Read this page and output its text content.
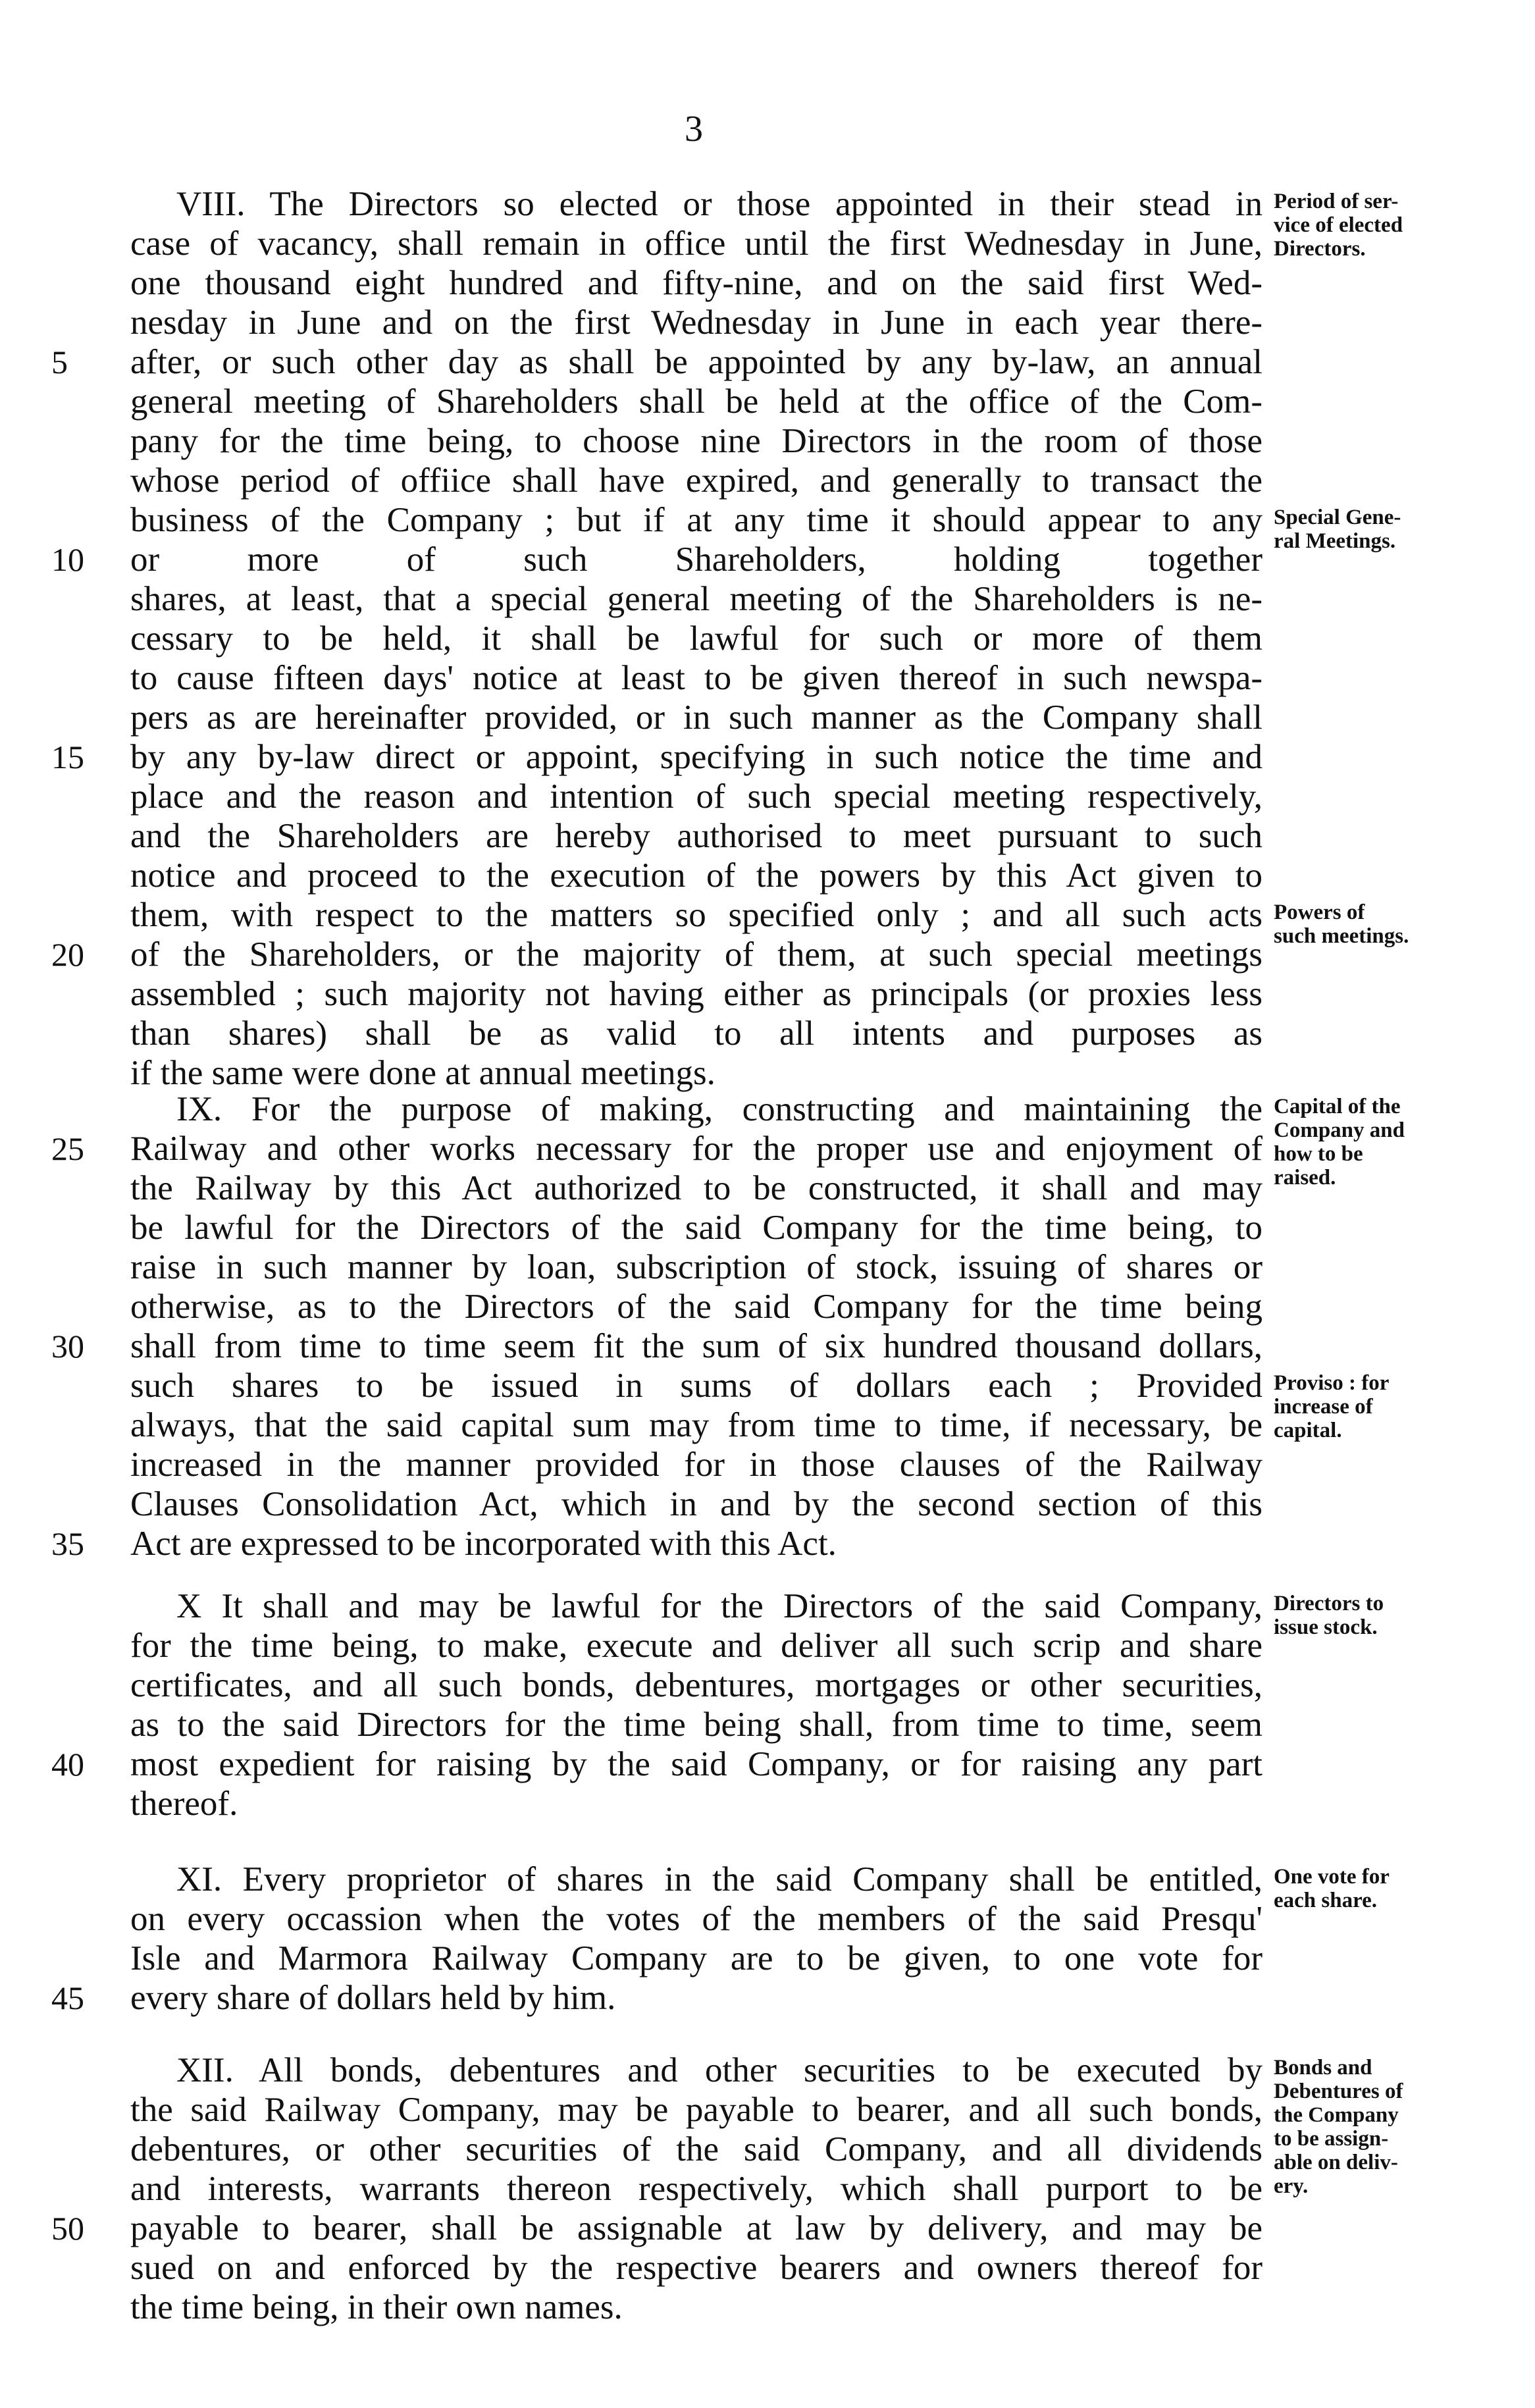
3
VIII. The Directors so elected or those appointed in their stead in
case of vacancy, shall remain in office until the first Wednesday in June,
one thousand eight hundred and fifty-nine, and on the said first Wed-
nesday in June and on the first Wednesday in June in each year there-
after, or such other day as shall be appointed by any by-law, an annual
general meeting of Shareholders shall be held at the office of the Com-
pany for the time being, to choose nine Directors in the room of those
whose period of offiice shall have expired, and generally to transact the
business of the Company ; but if at any time it should appear to any
or more of such Shareholders, holding together
shares, at least, that a special general meeting of the Shareholders is ne-
cessary to be held, it shall be lawful for such or more of them
to cause fifteen days' notice at least to be given thereof in such newspa-
pers as are hereinafter provided, or in such manner as the Company shall
by any by-law direct or appoint, specifying in such notice the time and
place and the reason and intention of such special meeting respectively,
and the Shareholders are hereby authorised to meet pursuant to such
notice and proceed to the execution of the powers by this Act given to
them, with respect to the matters so specified only ; and all such acts
of the Shareholders, or the majority of them, at such special meetings
assembled ; such majority not having either as principals (or proxies less
than shares) shall be as valid to all intents and purposes as
if the same were done at annual meetings.
5
10
15
20
Period of ser-
vice of elected
Directors.
Special Gene-
ral Meetings.
Powers of
such meetings.
IX. For the purpose of making, constructing and maintaining the
Railway and other works necessary for the proper use and enjoyment of
the Railway by this Act authorized to be constructed, it shall and may
be lawful for the Directors of the said Company for the time being, to
raise in such manner by loan, subscription of stock, issuing of shares or
otherwise, as to the Directors of the said Company for the time being
shall from time to time seem fit the sum of six hundred thousand dollars,
such shares to be issued in sums of dollars each ; Provided
always, that the said capital sum may from time to time, if necessary, be
increased in the manner provided for in those clauses of the Railway
Clauses Consolidation Act, which in and by the second section of this
Act are expressed to be incorporated with this Act.
25
30
35
Capital of the
Company and
how to be
raised.
Proviso : for
increase of
capital.
X It shall and may be lawful for the Directors of the said Company,
for the time being, to make, execute and deliver all such scrip and share
certificates, and all such bonds, debentures, mortgages or other securities,
as to the said Directors for the time being shall, from time to time, seem
most expedient for raising by the said Company, or for raising any part
thereof.
40
Directors to
issue stock.
XI. Every proprietor of shares in the said Company shall be entitled,
on every occassion when the votes of the members of the said Presqu'
Isle and Marmora Railway Company are to be given, to one vote for
every share of dollars held by him.
45
One vote for
each share.
XII. All bonds, debentures and other securities to be executed by
the said Railway Company, may be payable to bearer, and all such bonds,
debentures, or other securities of the said Company, and all dividends
and interests, warrants thereon respectively, which shall purport to be
payable to bearer, shall be assignable at law by delivery, and may be
sued on and enforced by the respective bearers and owners thereof for
the time being, in their own names.
50
Bonds and
Debentures of
the Company
to be assign-
able on deliv-
ery.
